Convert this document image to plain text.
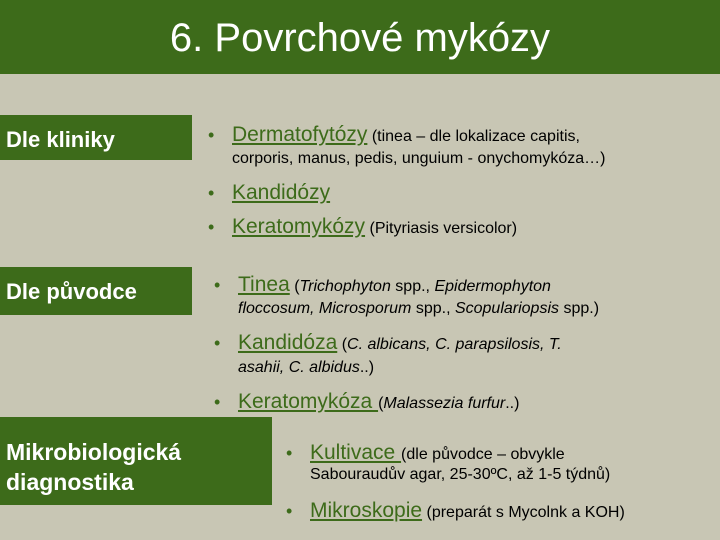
6. Povrchové mykózy
Dle kliniky	• Dermatofytózy (tinea – dle lokalizace capitis,
corporis, manus, pedis, unguium - onychomykóza…)
• Kandidózy
• Keratomykózy (Pityriasis versicolor)
Dle původce	• Tinea (Trichophyton spp., Epidermophyton
floccosum, Microsporum spp., Scopulariopsis spp.)
• Kandidóza (C. albicans, C. parapsilosis, T.
asahii, C. albidus..)
• Keratomykóza (Malassezia furfur..)
Mikrobiologická
diagnostika
• Kultivace (dle původce – obvykle
Sabouraudův agar, 25-30ºC, až 1-5 týdnů)
• Mikroskopie (preparát s Mycolnk a KOH)
